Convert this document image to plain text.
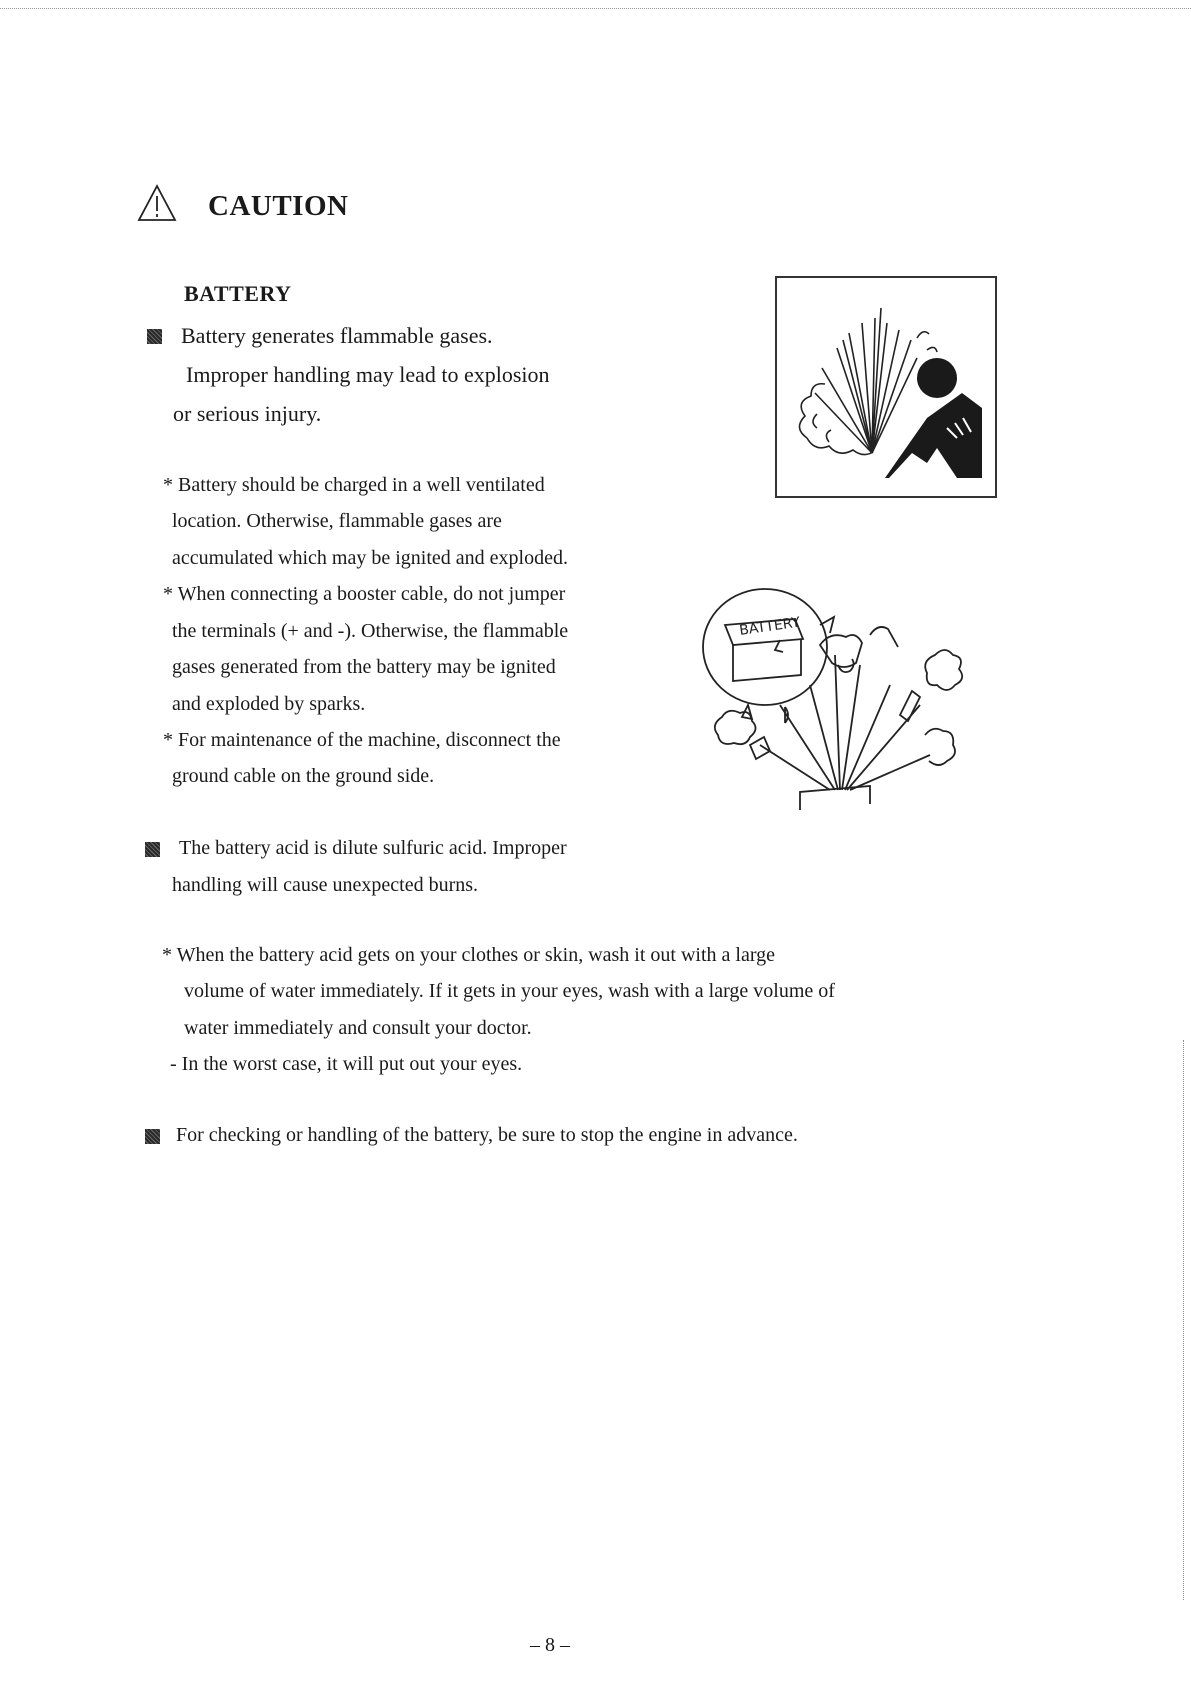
CAUTION
BATTERY
Battery generates flammable gases.
Improper handling may lead to explosion
or serious injury.
* Battery should be charged in a well ventilated
location. Otherwise, flammable gases are
accumulated which may be ignited and exploded.
* When connecting a booster cable, do not jumper
the terminals (+ and -). Otherwise, the flammable
gases generated from the battery may be ignited
and exploded by sparks.
* For maintenance of the machine, disconnect the
ground cable on the ground side.
BATTERY
The battery acid is dilute sulfuric acid. Improper
handling will cause unexpected burns.
* When the battery acid gets on your clothes or skin, wash it out with a large
volume of water immediately. If it gets in your eyes, wash with a large volume of
water immediately and consult your doctor.
- In the worst case, it will put out your eyes.
For checking or handling of the battery, be sure to stop the engine in advance.
– 8 –
